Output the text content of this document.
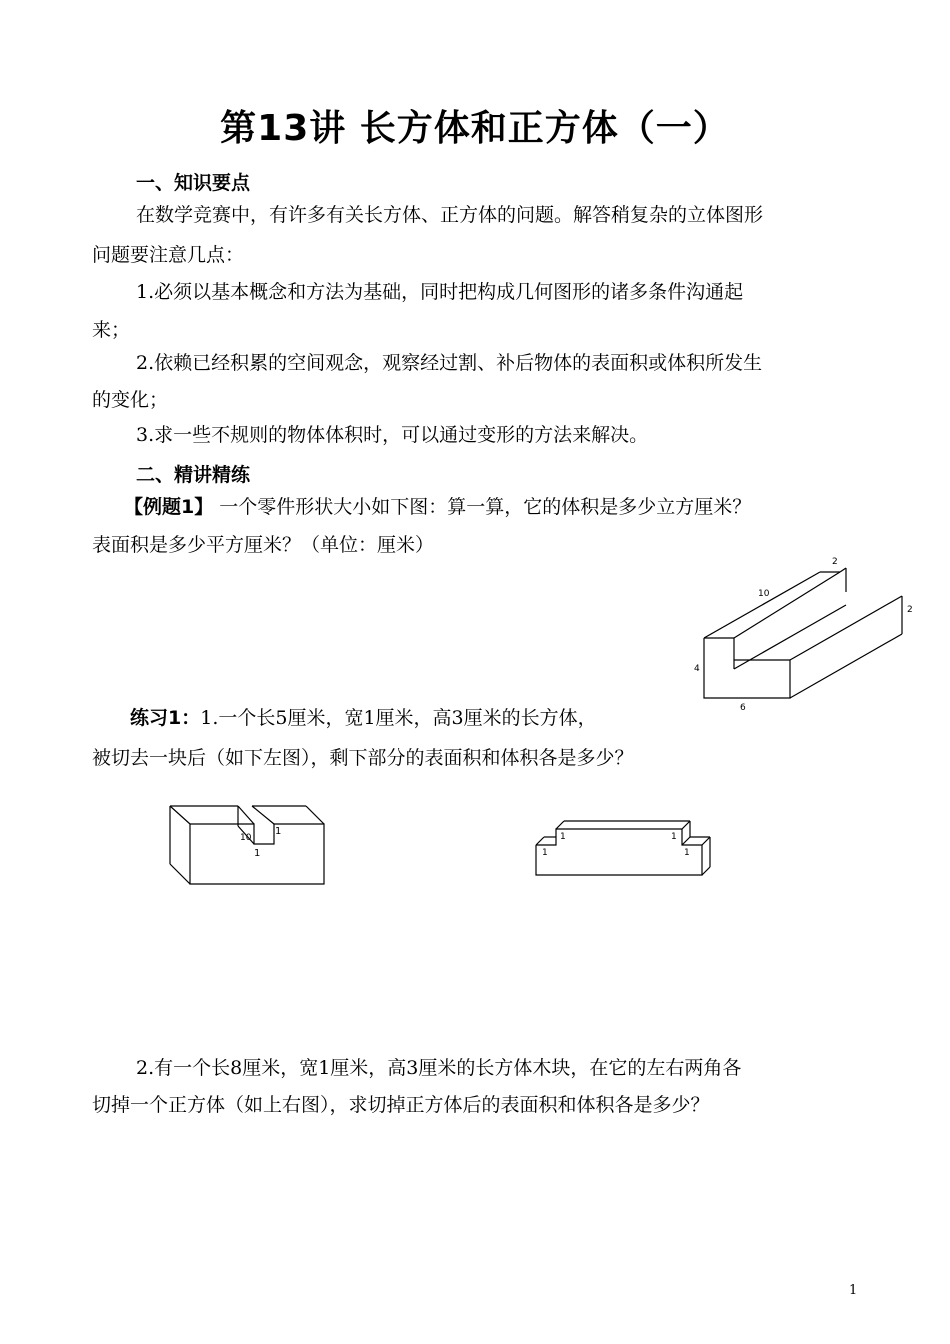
第13讲 长方体和正方体（一）
一、知识要点
在数学竞赛中，有许多有关长方体、正方体的问题。解答稍复杂的立体图形
问题要注意几点：
1.必须以基本概念和方法为基础，同时把构成几何图形的诸多条件沟通起
来；
2.依赖已经积累的空间观念，观察经过割、补后物体的表面积或体积所发生
的变化；
3.求一些不规则的物体体积时，可以通过变形的方法来解决。
二、精讲精练
【例题1】 一个零件形状大小如下图：算一算，它的体积是多少立方厘米？
表面积是多少平方厘米？（单位：厘米）
2
10
2
4
6
练习1：1.一个长5厘米，宽1厘米，高3厘米的长方体，
被切去一块后（如下左图），剩下部分的表面积和体积各是多少？
1
10
1
1	1
1	1
2.有一个长8厘米，宽1厘米，高3厘米的长方体木块，在它的左右两角各
切掉一个正方体（如上右图），求切掉正方体后的表面积和体积各是多少？
1
